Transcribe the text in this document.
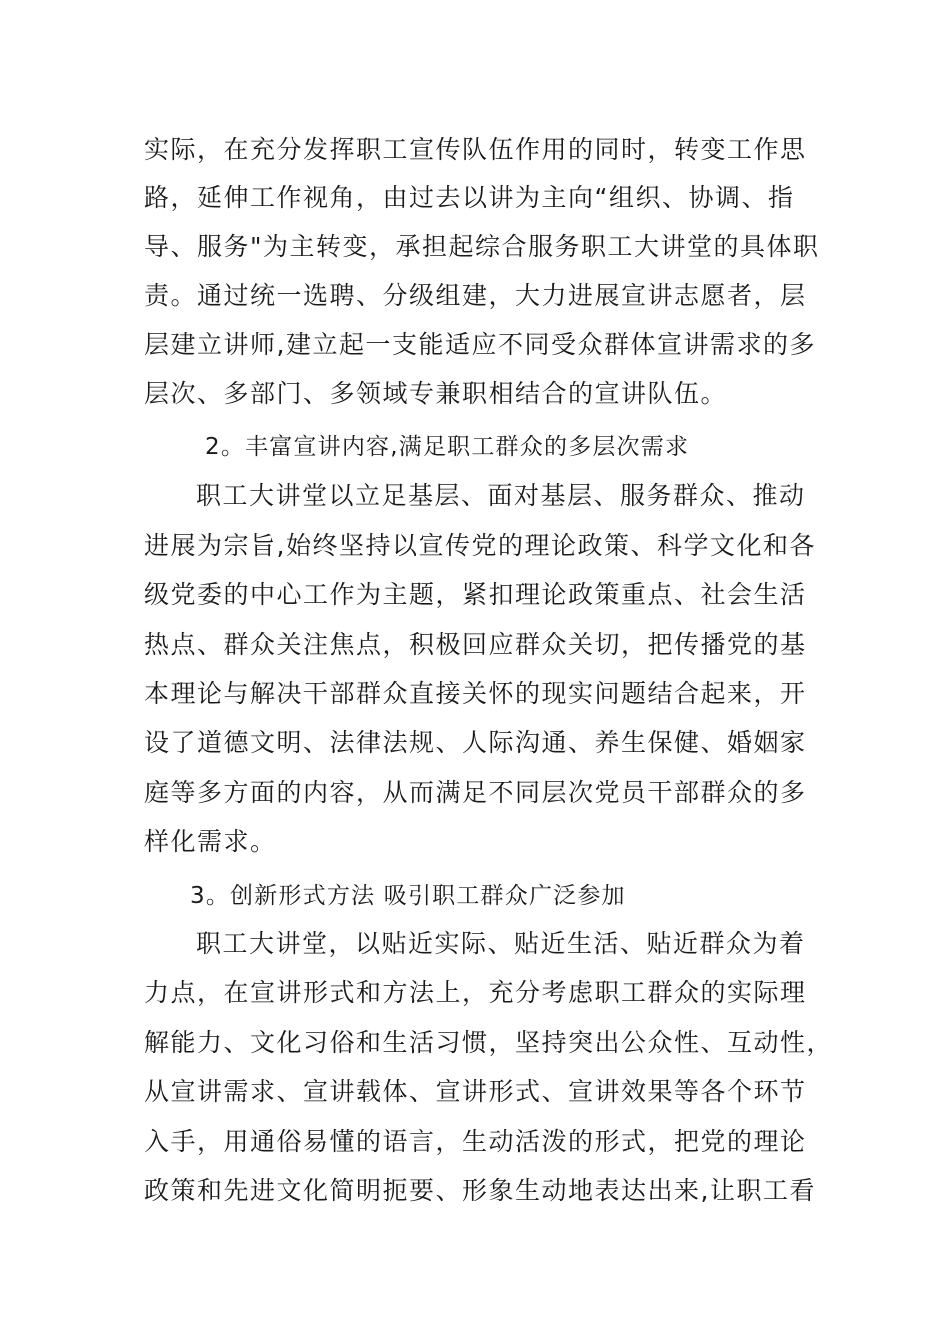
实际，在充分发挥职工宣传队伍作用的同时，转变工作思
路，延伸工作视角，由过去以讲为主向“组织、协调、指
导、服务"为主转变，承担起综合服务职工大讲堂的具体职
责。通过统一选聘、分级组建，大力进展宣讲志愿者，层
层建立讲师,建立起一支能适应不同受众群体宣讲需求的多
层次、多部门、多领域专兼职相结合的宣讲队伍。
2。丰富宣讲内容,满足职工群众的多层次需求
职工大讲堂以立足基层、面对基层、服务群众、推动
进展为宗旨,始终坚持以宣传党的理论政策、科学文化和各
级党委的中心工作为主题，紧扣理论政策重点、社会生活
热点、群众关注焦点，积极回应群众关切，把传播党的基
本理论与解决干部群众直接关怀的现实问题结合起来，开
设了道德文明、法律法规、人际沟通、养生保健、婚姻家
庭等多方面的内容，从而满足不同层次党员干部群众的多
样化需求。
3。创新形式方法 吸引职工群众广泛参加
职工大讲堂，以贴近实际、贴近生活、贴近群众为着
力点，在宣讲形式和方法上，充分考虑职工群众的实际理
解能力、文化习俗和生活习惯，坚持突出公众性、互动性，
从宣讲需求、宣讲载体、宣讲形式、宣讲效果等各个环节
入手，用通俗易懂的语言，生动活泼的形式，把党的理论
政策和先进文化简明扼要、形象生动地表达出来,让职工看
